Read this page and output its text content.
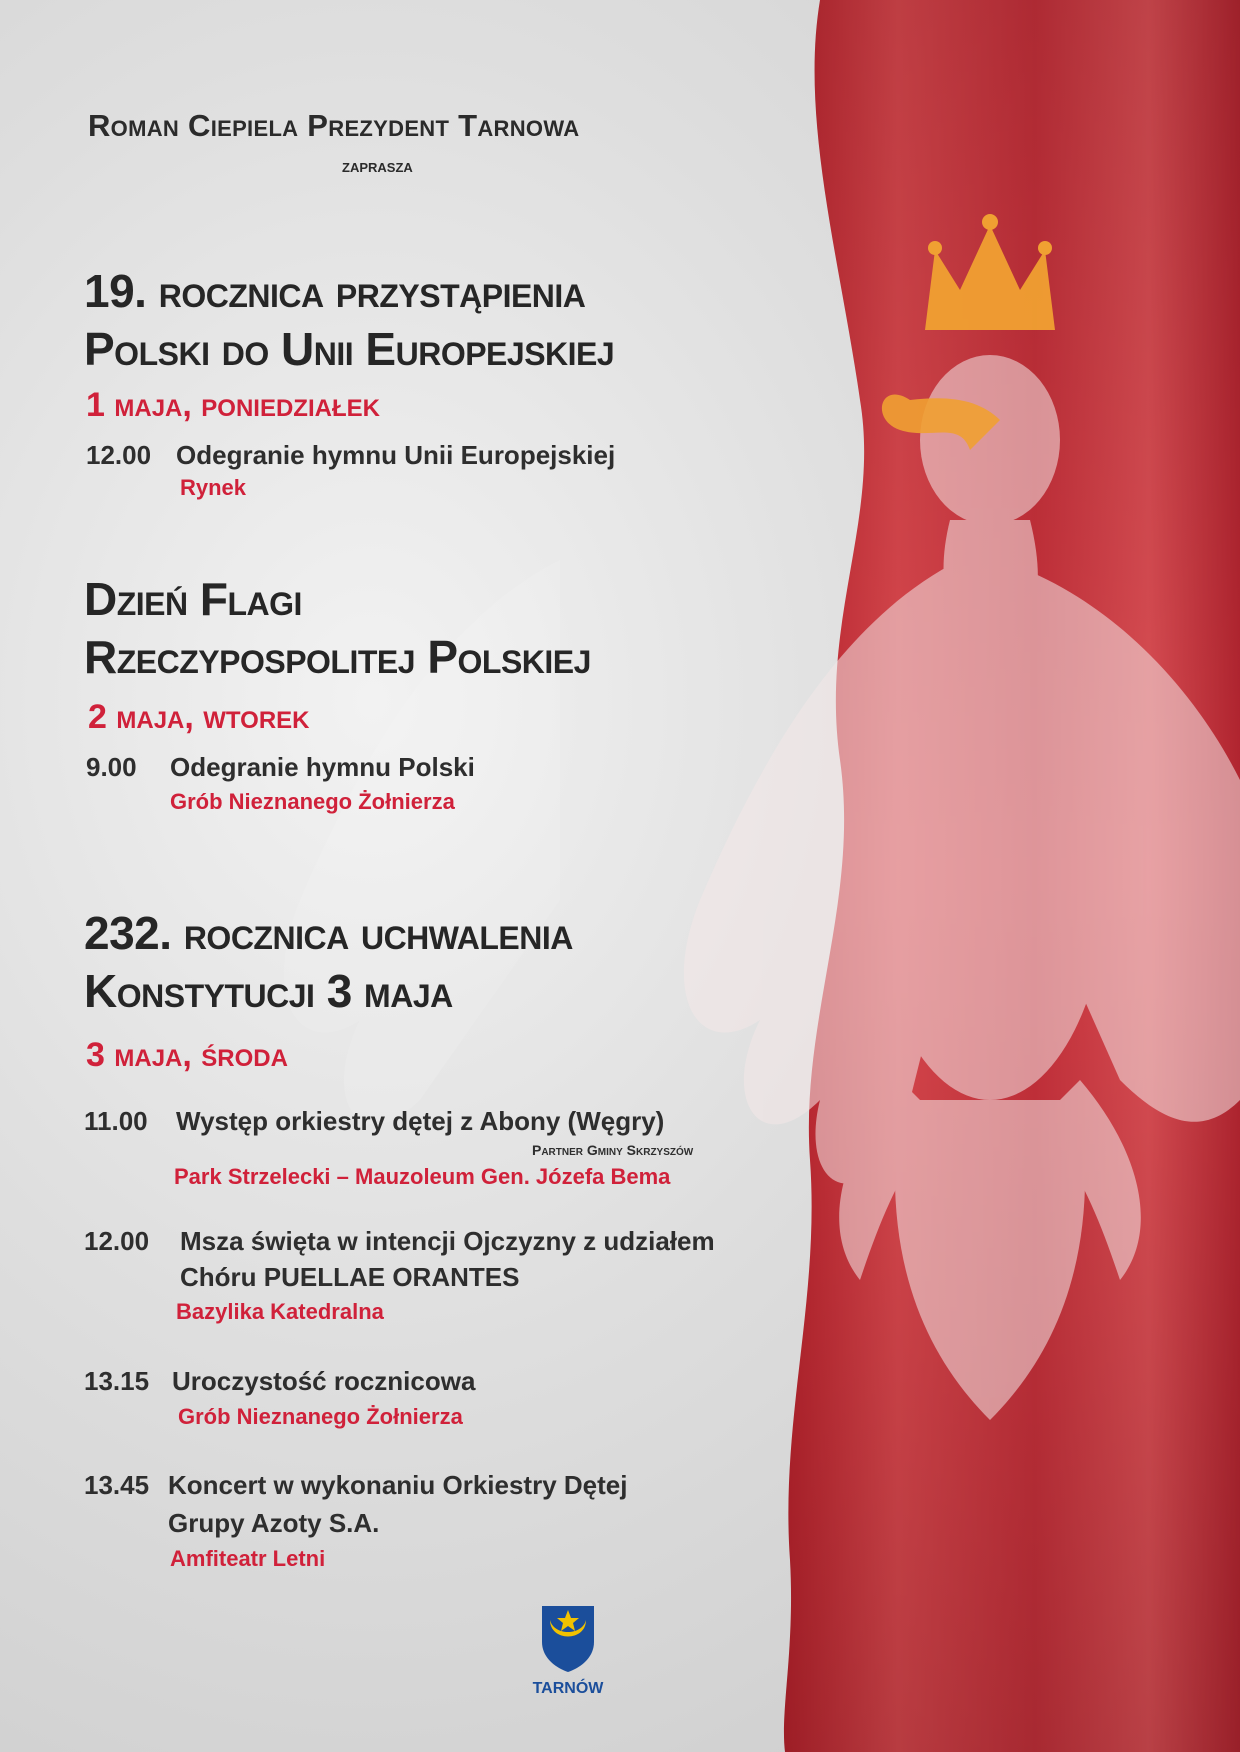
Roman Ciepiela Prezydent Tarnowa
zaprasza
19. rocznica przystąpienia
Polski do Unii Europejskiej
1 maja, poniedziałek
12.00 Odegranie hymnu Unii Europejskiej
Rynek
Dzień Flagi
Rzeczypospolitej Polskiej
2 maja, wtorek
9.00 Odegranie hymnu Polski
Grób Nieznanego Żołnierza
232. rocznica uchwalenia
Konstytucji 3 maja
3 maja, środa
11.00 Występ orkiestry dętej z Abony (Węgry)
Partner Gminy Skrzyszów
Park Strzelecki – Mauzoleum Gen. Józefa Bema
12.00 Msza święta w intencji Ojczyzny z udziałem
Chóru PUELLAE ORANTES
Bazylika Katedralna
13.15 Uroczystość rocznicowa
Grób Nieznanego Żołnierza
13.45 Koncert w wykonaniu Orkiestry Dętej
Grupy Azoty S.A.
Amfiteatr Letni
TARNÓW
